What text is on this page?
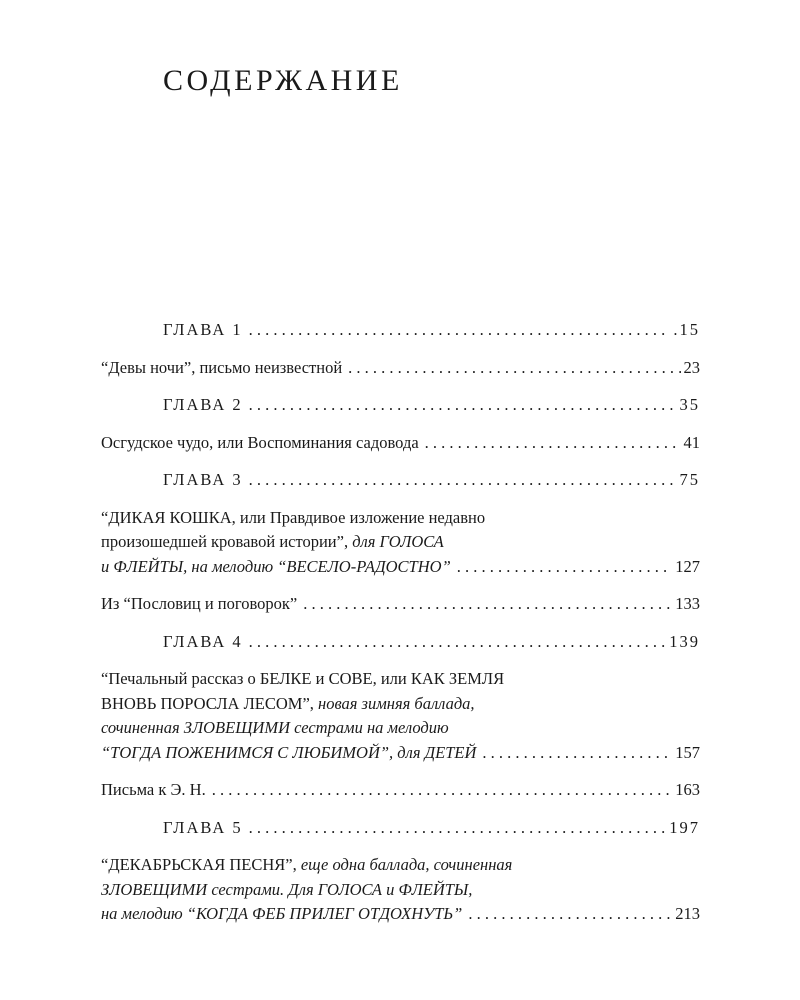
СОДЕРЖАНИЕ
ГЛАВА 1 . . .	.15
“Девы ночи”, письмо неизвестной . . .	23
ГЛАВА 2 . . .	35
Осгудское чудо, или Воспоминания садовода . . .	41
ГЛАВА 3 . . .	75
“ДИКАЯ КОШКА, или Правдивое изложение недавно
произошедшей кровавой истории”, для ГОЛОСА
и ФЛЕЙТЫ, на мелодию “ВЕСЕЛО-РАДОСТНО” . . .	127
Из “Пословиц и поговорок” . . .	133
ГЛАВА 4 . . .	139
“Печальный рассказ о БЕЛКЕ и СОВЕ, или КАК ЗЕМЛЯ
ВНОВЬ ПОРОСЛА ЛЕСОМ”, новая зимняя баллада,
сочиненная ЗЛОВЕЩИМИ сестрами на мелодию
“ТОГДА ПОЖЕНИМСЯ С ЛЮБИМОЙ”, для ДЕТЕЙ . . .	157
Письма к Э. Н. . . .	163
ГЛАВА 5 . . .	197
“ДЕКАБРЬСКАЯ ПЕСНЯ”, еще одна баллада, сочиненная
ЗЛОВЕЩИМИ сестрами. Для ГОЛОСА и ФЛЕЙТЫ,
на мелодию “КОГДА ФЕБ ПРИЛЕГ ОТДОХНУТЬ” . . .	213
